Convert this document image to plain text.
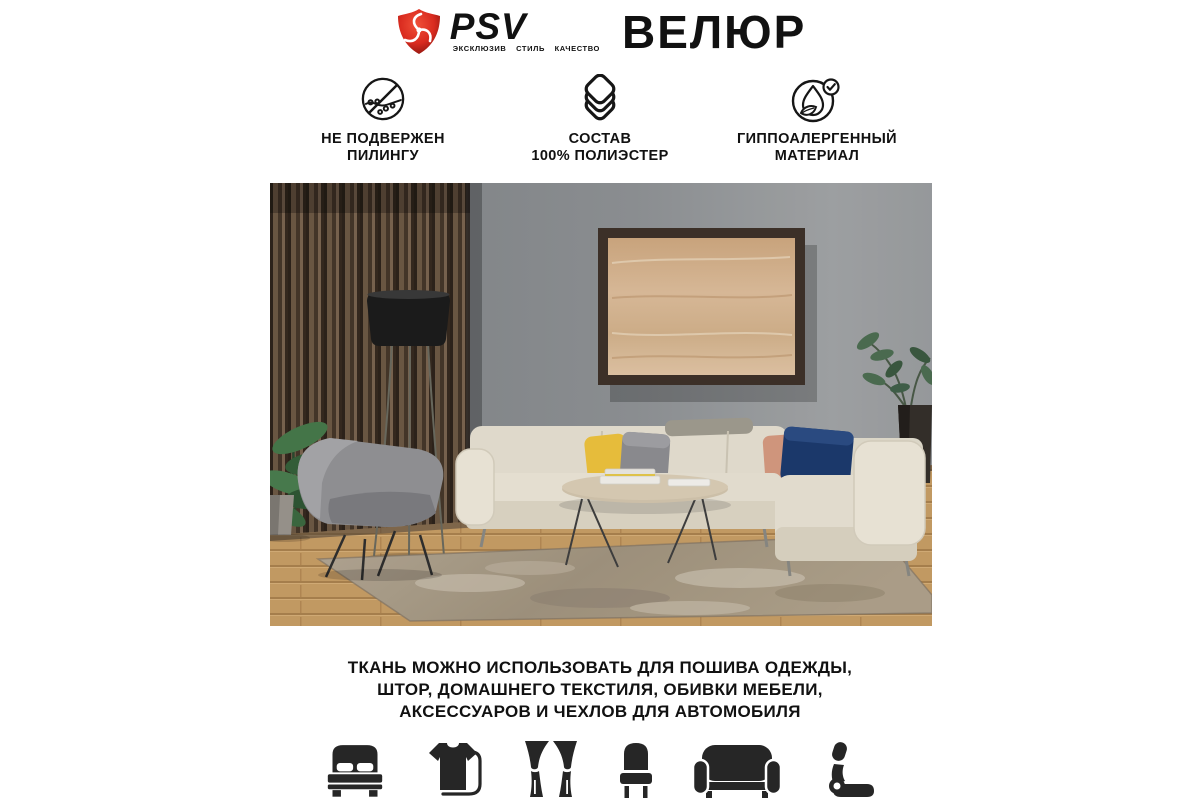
PSV
ЭКСКЛЮЗИВ СТИЛЬ КАЧЕСТВО ВЕЛЮР
НЕ ПОДВЕРЖЕН
ПИЛИНГУ
СОСТАВ
100% ПОЛИЭСТЕР
ГИППОАЛЕРГЕННЫЙ
МАТЕРИАЛ
ТКАНЬ МОЖНО ИСПОЛЬЗОВАТЬ ДЛЯ ПОШИВА ОДЕЖДЫ,
ШТОР, ДОМАШНЕГО ТЕКСТИЛЯ, ОБИВКИ МЕБЕЛИ,
АКСЕССУАРОВ И ЧЕХЛОВ ДЛЯ АВТОМОБИЛЯ
